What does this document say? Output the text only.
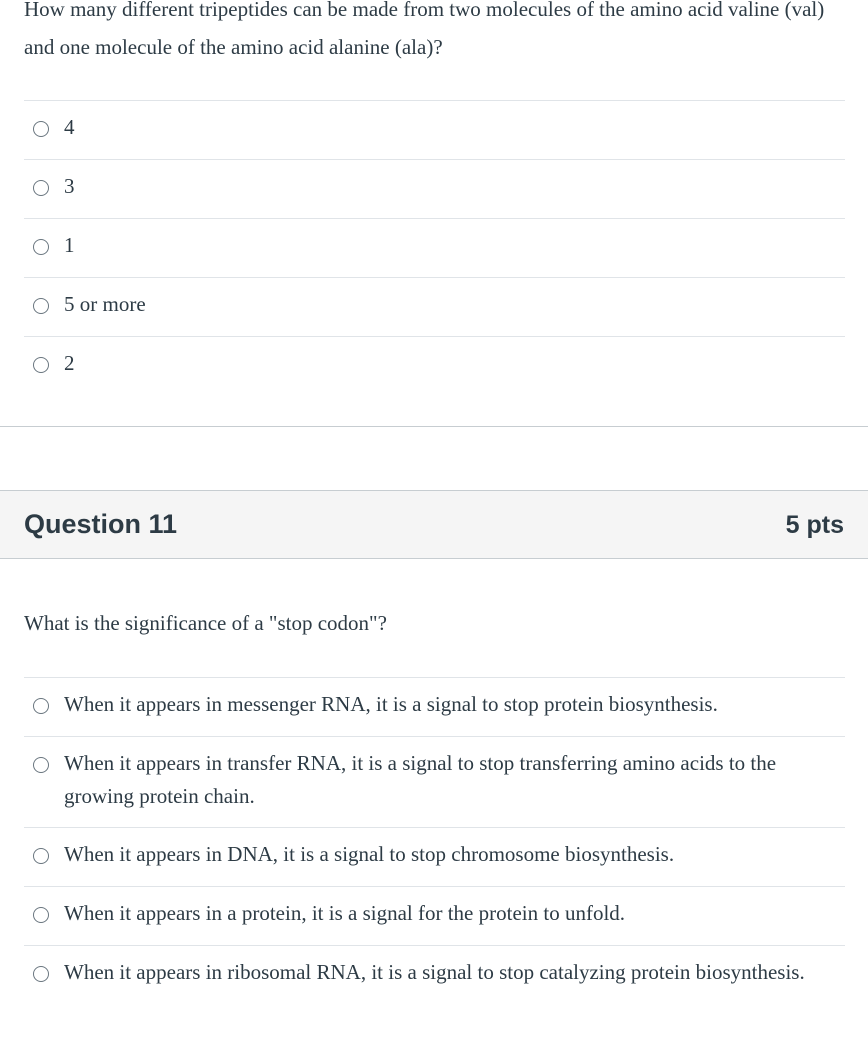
How many different tripeptides can be made from two molecules of the amino acid valine (val) and one molecule of the amino acid alanine (ala)?
4
3
1
5 or more
2
Question 11	5 pts
What is the significance of a "stop codon"?
When it appears in messenger RNA, it is a signal to stop protein biosynthesis.
When it appears in transfer RNA, it is a signal to stop transferring amino acids to the growing protein chain.
When it appears in DNA, it is a signal to stop chromosome biosynthesis.
When it appears in a protein, it is a signal for the protein to unfold.
When it appears in ribosomal RNA, it is a signal to stop catalyzing protein biosynthesis.
